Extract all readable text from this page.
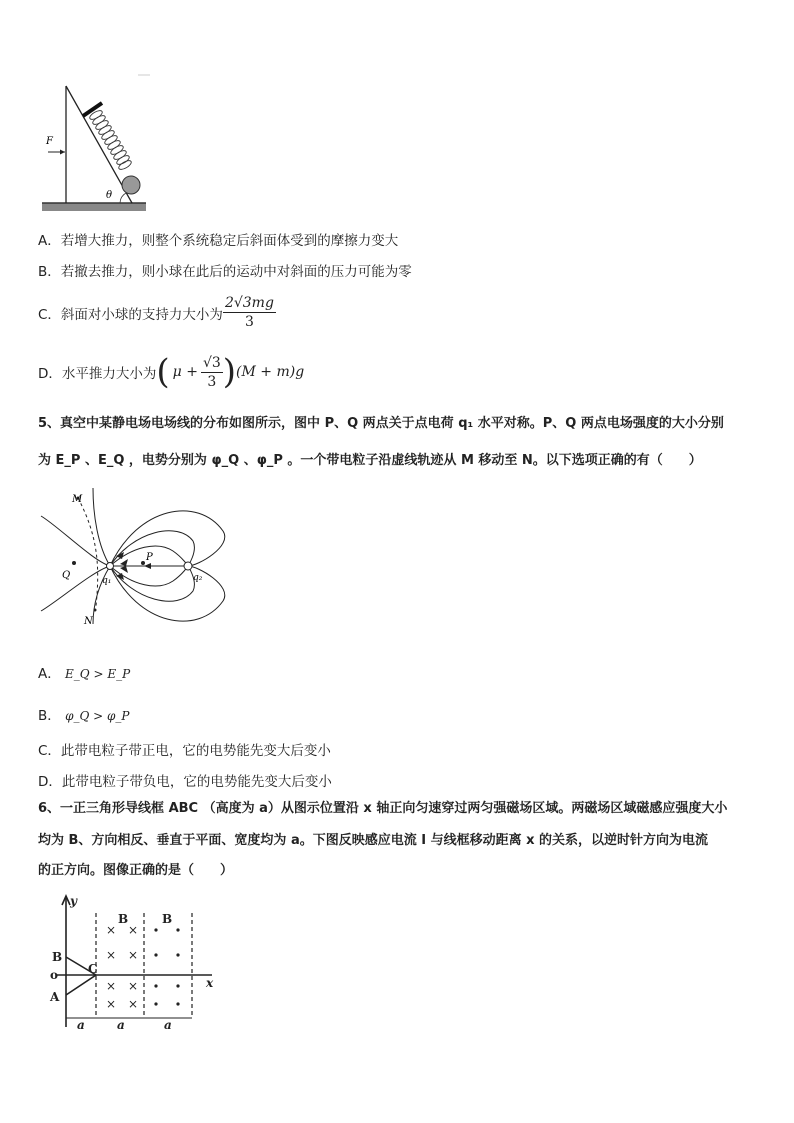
θ
F
A．若增大推力，则整个系统稳定后斜面体受到的摩擦力变大
B．若撤去推力，则小球在此后的运动中对斜面的压力可能为零
C．斜面对小球的支持力大小为 $\frac{2√3mg}{3}$
D．水平推力大小为 ( $\mu + \frac{√3}{3}$ ) (M + m)g
5、真空中某静电场电场线的分布如图所示，图中 P、Q 两点关于点电荷 q₁ 水平对称。P、Q 两点电场强度的大小分别
为 E_P 、E_Q ，电势分别为 φ_Q 、φ_P 。一个带电粒子沿虚线轨迹从 M 移动至 N。以下选项正确的有（　　）
M
P
Q	q₁	q₂
N
A． E_Q > E_P
B． φ_Q > φ_P
C．此带电粒子带正电，它的电势能先变大后变小
D．此带电粒子带负电，它的电势能先变大后变小
6、一正三角形导线框 ABC （高度为 a）从图示位置沿 x 轴正向匀速穿过两匀强磁场区域。两磁场区域磁感应强度大小
均为 B、方向相反、垂直于平面、宽度均为 a。下图反映感应电流 I 与线框移动距离 x 的关系，以逆时针方向为电流
的正方向。图像正确的是（　　）
× ×
× ×
× ×
× ×
y
x
o
B
A
C
B	B
a	a	a
